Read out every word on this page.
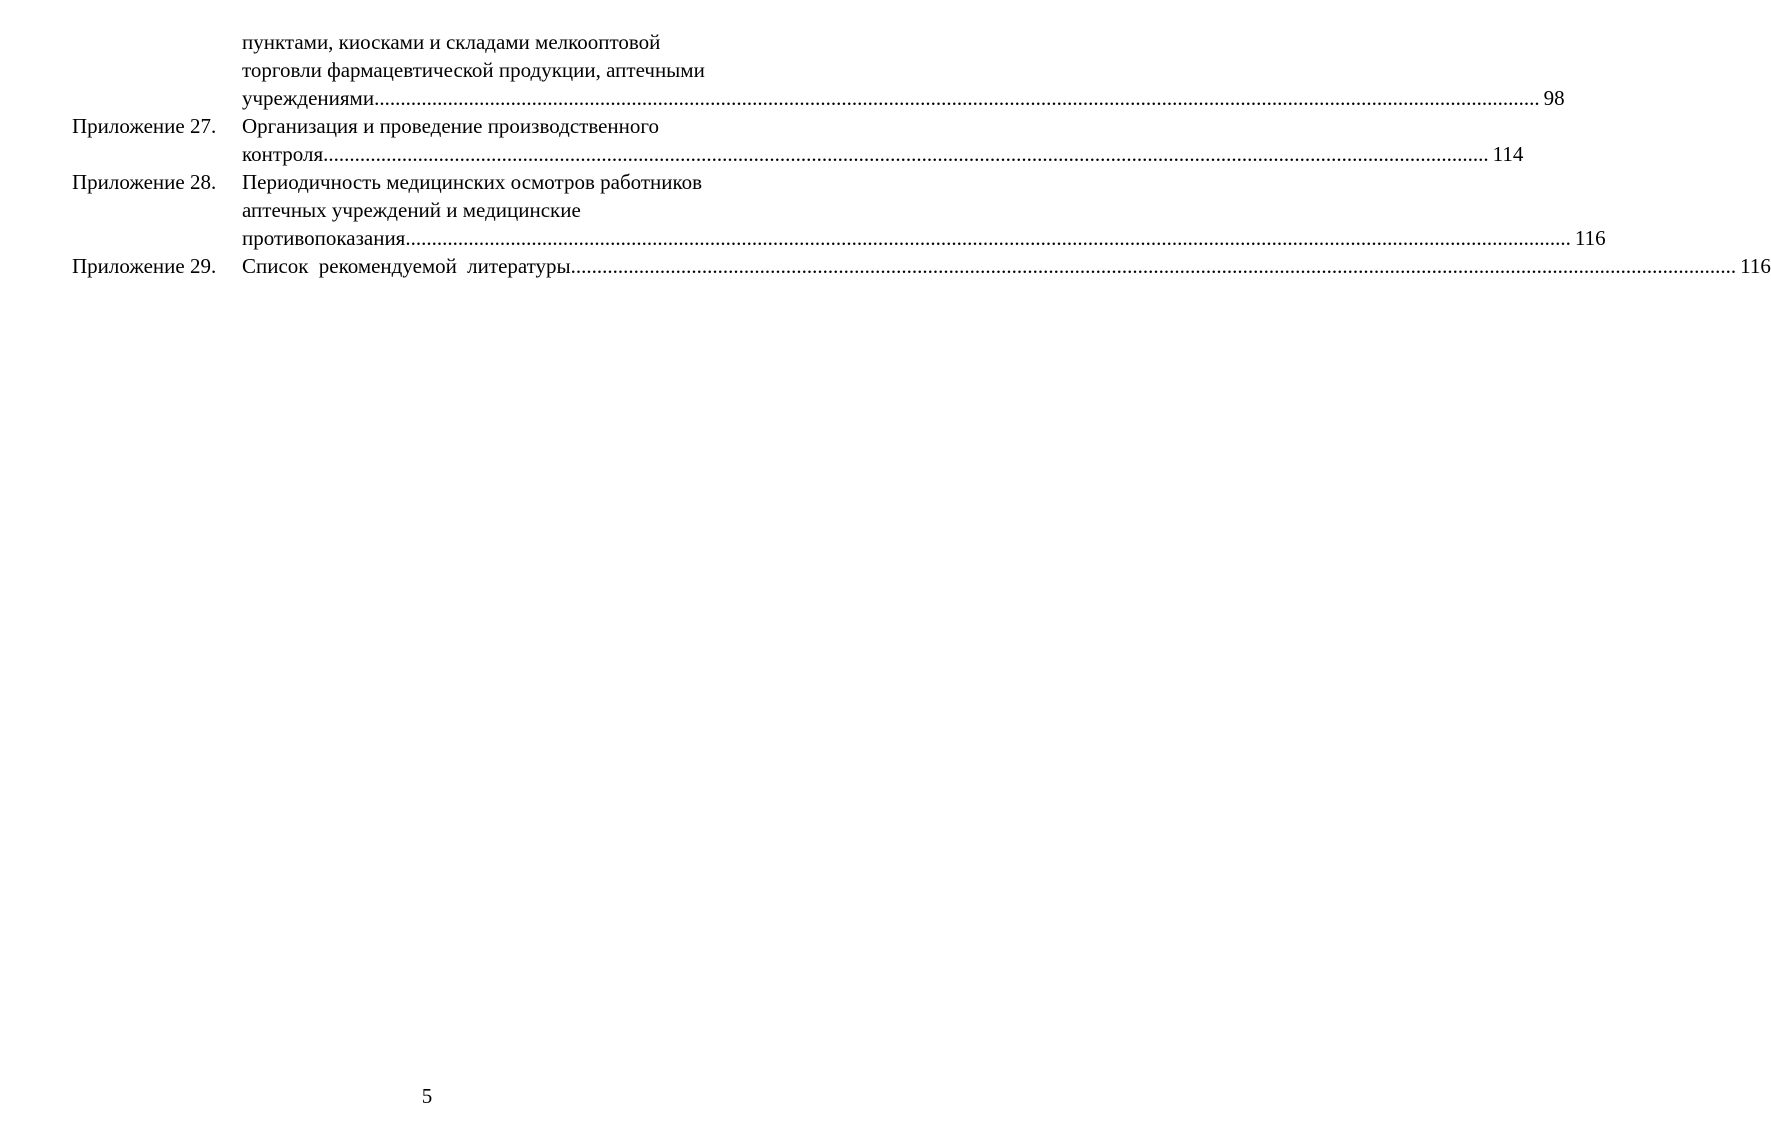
пунктами, киосками и складами мелкооптовой
торговли фармацевтической продукции, аптечными
учреждениями .....	98
Приложение 27.	Организация и проведение производственного
контроля .....	114
Приложение 28.	Периодичность медицинских осмотров работников
аптечных учреждений и медицинские
противопоказания .....	116
Приложение 29.	Список рекомендуемой литературы .....	116
5
